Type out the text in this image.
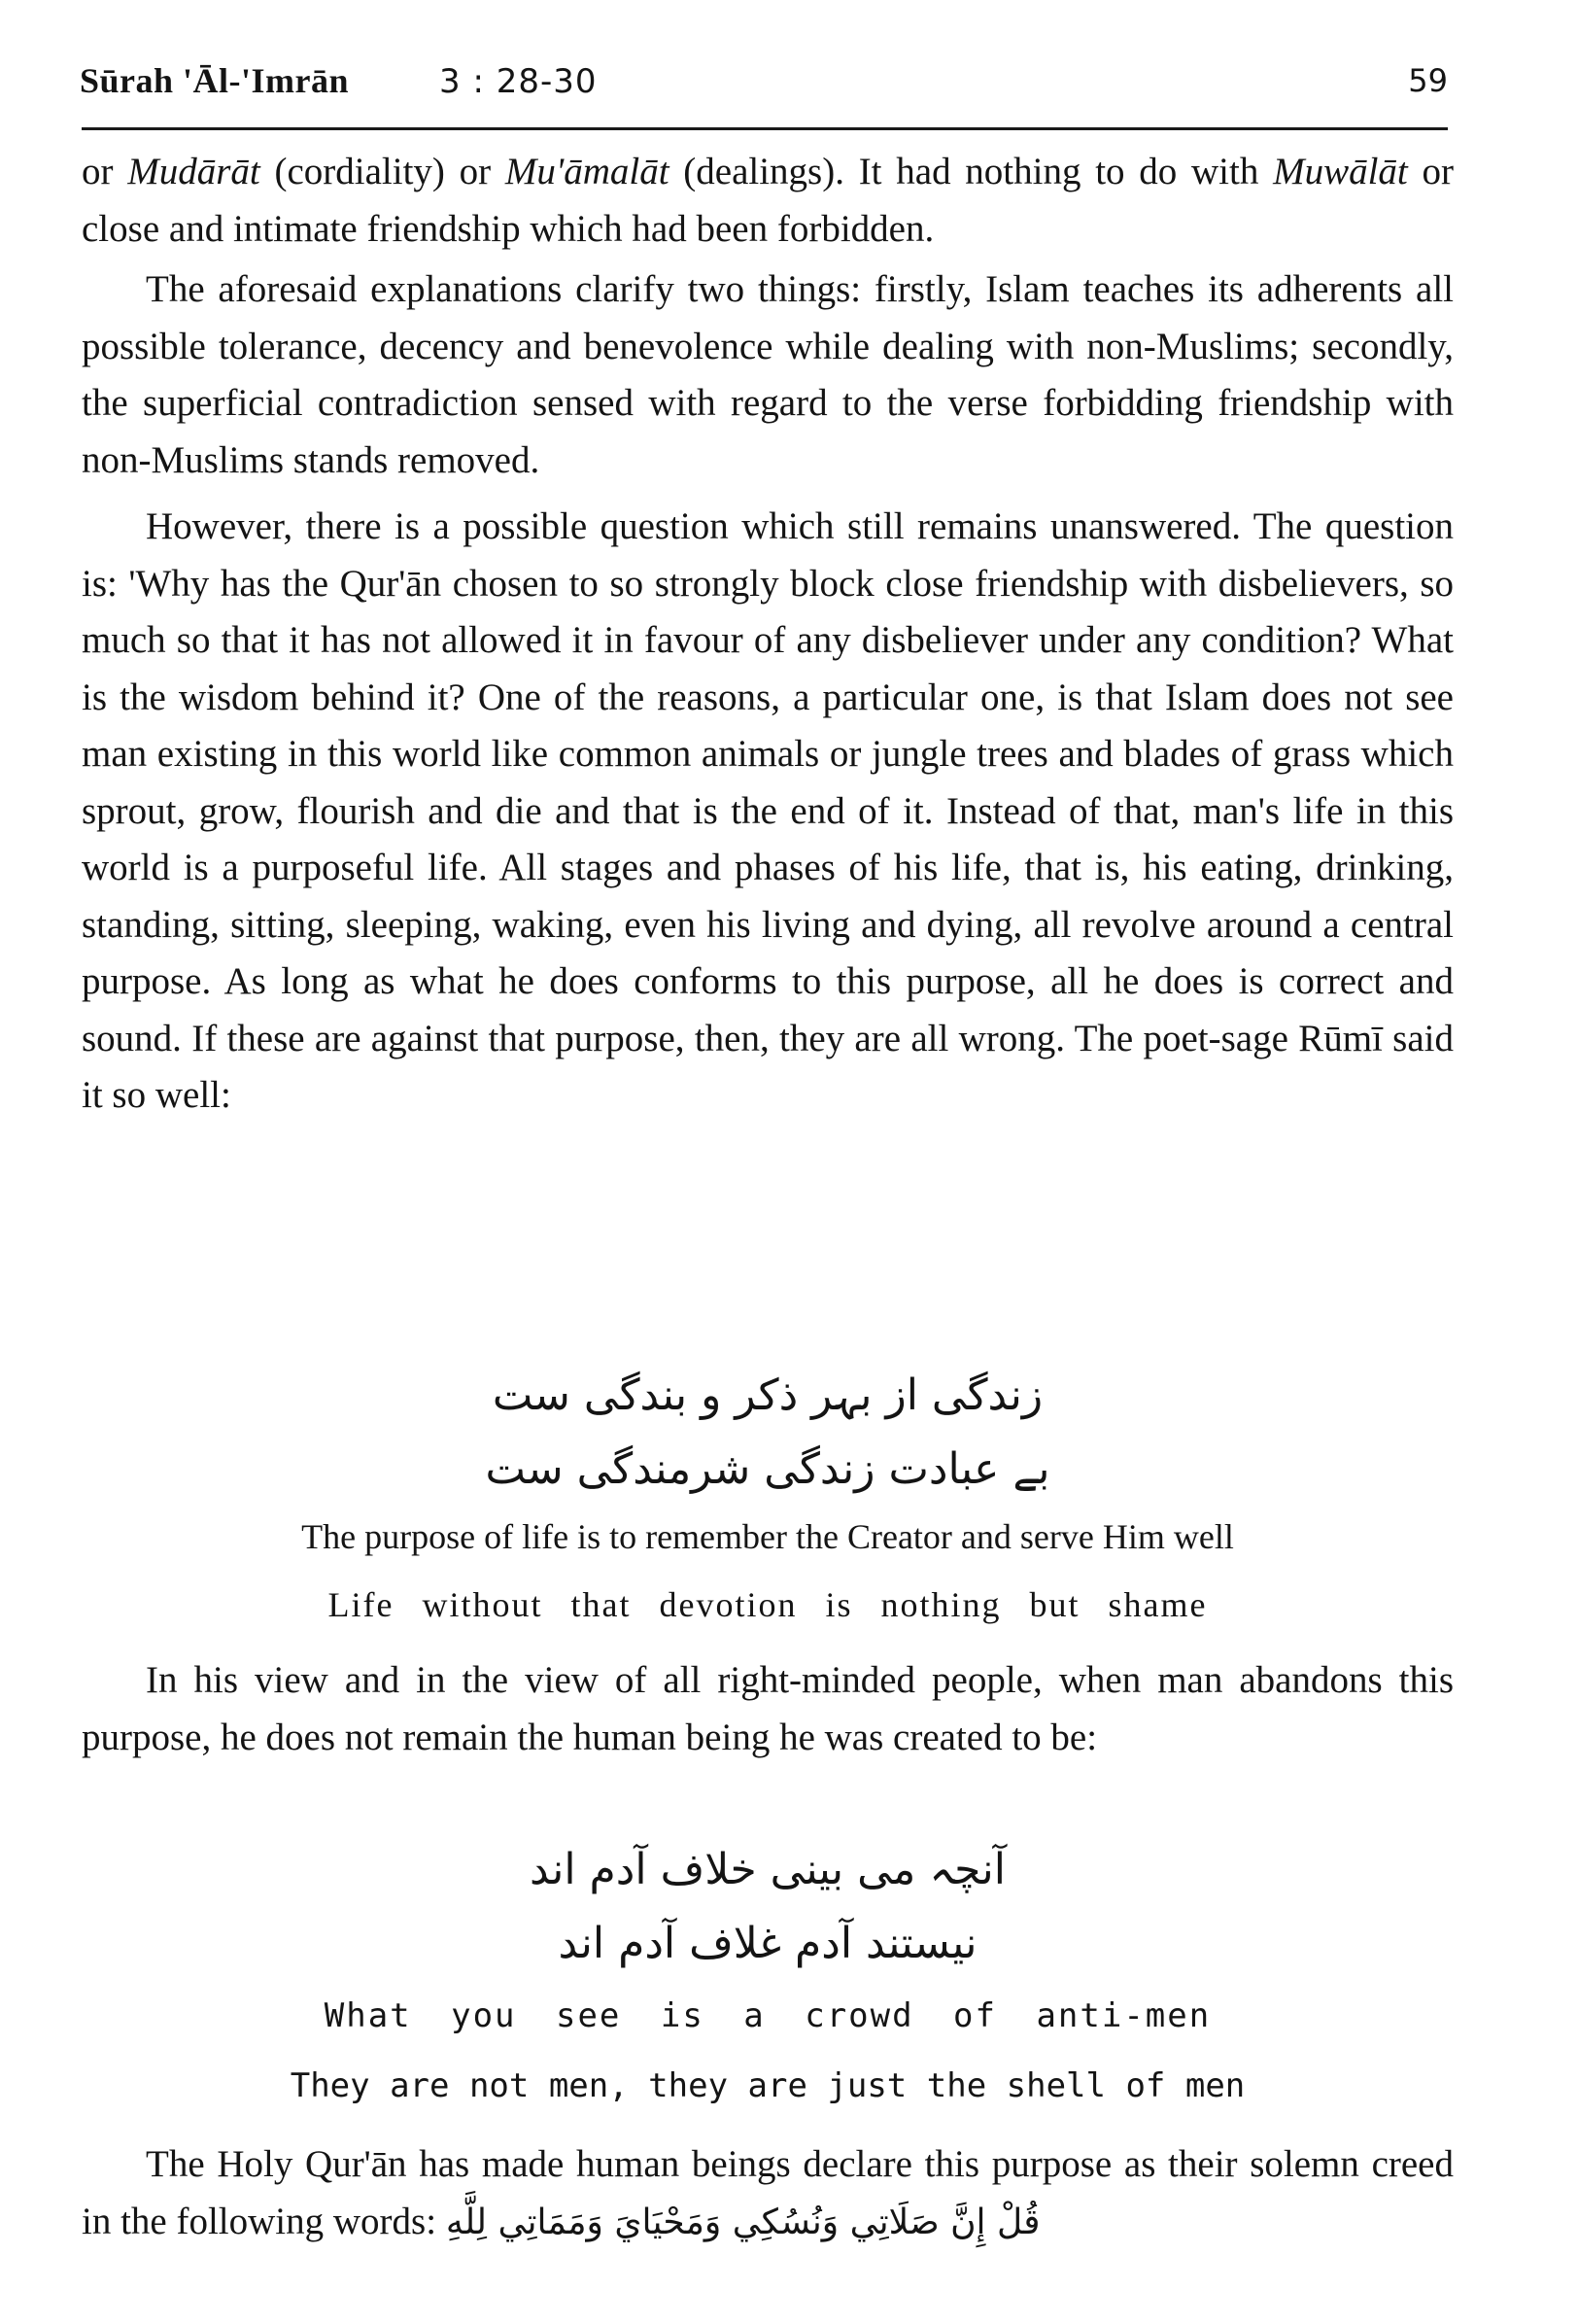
Sūrah 'Āl-'Imrān	3 : 28-30	59

or Mudārāt (cordiality) or Mu'āmalāt (dealings). It had nothing to do with Muwālāt or close and intimate friendship which had been forbidden.

The aforesaid explanations clarify two things: firstly, Islam teaches its adherents all possible tolerance, decency and benevolence while dealing with non-Muslims; secondly, the superficial contradiction sensed with regard to the verse forbidding friendship with non-Muslims stands removed.

However, there is a possible question which still remains unanswered. The question is: 'Why has the Qur'ān chosen to so strongly block close friendship with disbelievers, so much so that it has not allowed it in favour of any disbeliever under any condition? What is the wisdom behind it? One of the reasons, a particular one, is that Islam does not see man existing in this world like common animals or jungle trees and blades of grass which sprout, grow, flourish and die and that is the end of it. Instead of that, man's life in this world is a purposeful life. All stages and phases of his life, that is, his eating, drinking, standing, sitting, sleeping, waking, even his living and dying, all revolve around a central purpose. As long as what he does conforms to this purpose, all he does is correct and sound. If these are against that purpose, then, they are all wrong. The poet-sage Rūmī said it so well:

زندگی از بہر ذکر و بندگی ست
بے عبادت زندگی شرمندگی ست
The purpose of life is to remember the Creator and serve Him well
Life without that devotion is nothing but shame

In his view and in the view of all right-minded people, when man abandons this purpose, he does not remain the human being he was created to be:

آنچہ می بینی خلاف آدم اند
نیستند آدم غلاف آدم اند
What you see is a crowd of anti-men
They are not men, they are just the shell of men

The Holy Qur'ān has made human beings declare this purpose as their solemn creed in the following words: قُلْ إِنَّ صَلَاتِي وَنُسُكِي وَمَحْيَايَ وَمَمَاتِي لِلَّهِ
